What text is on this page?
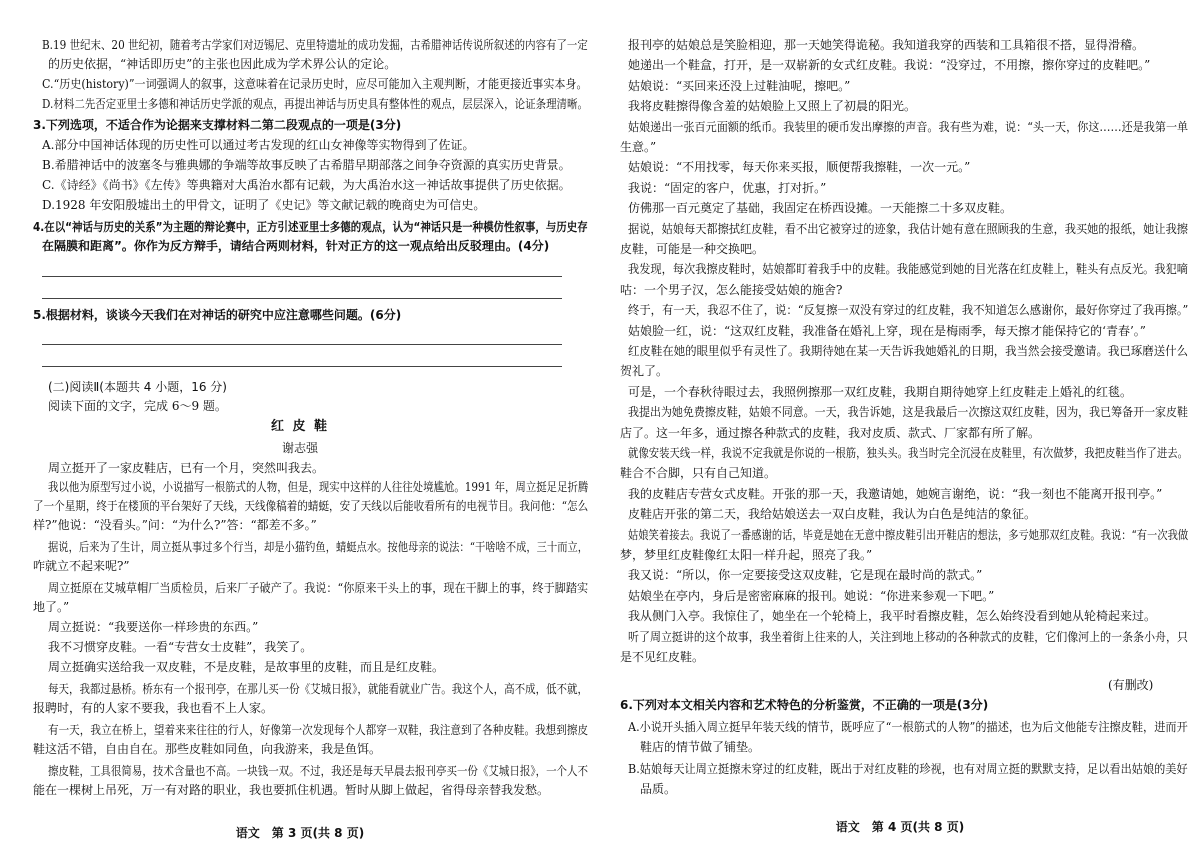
B.19 世纪末、20 世纪初，随着考古学家们对迈锡尼、克里特遗址的成功发掘，古希腊神话传说所叙述的内容有了一定
的历史依据，“神话即历史”的主张也因此成为学术界公认的定论。
C.“历史(history)”一词强调人的叙事，这意味着在记录历史时，应尽可能加入主观判断，才能更接近事实本身。
D.材料二先否定亚里士多德和神话历史学派的观点，再提出神话与历史具有整体性的观点，层层深入，论证条理清晰。
3.下列选项，不适合作为论据来支撑材料二第二段观点的一项是(3分)
A.部分中国神话体现的历史性可以通过考古发现的红山女神像等实物得到了佐证。
B.希腊神话中的波塞冬与雅典娜的争端等故事反映了古希腊早期部落之间争夺资源的真实历史背景。
C.《诗经》《尚书》《左传》等典籍对大禹治水都有记载，为大禹治水这一神话故事提供了历史依据。
D.1928 年安阳殷墟出土的甲骨文，证明了《史记》等文献记载的晚商史为可信史。
4.在以“神话与历史的关系”为主题的辩论赛中，正方引述亚里士多德的观点，认为“神话只是一种模仿性叙事，与历史存
在隔膜和距离”。你作为反方辩手，请结合两则材料，针对正方的这一观点给出反驳理由。(4分)
5.根据材料，谈谈今天我们在对神话的研究中应注意哪些问题。(6分)
(二)阅读Ⅱ(本题共 4 小题，16 分)
阅读下面的文字，完成 6～9 题。
红 皮 鞋
谢志强
周立挺开了一家皮鞋店，已有一个月，突然叫我去。
我以他为原型写过小说，小说描写一根筋式的人物，但是，现实中这样的人往往处境尴尬。1991 年，周立挺足足折腾
了一个星期，终于在楼顶的平台架好了天线，天线像稿着的蜻蜓，安了天线以后能收看所有的电视节目。我问他：“怎么
样?”他说：“没看头。”问：“为什么?”答：“都差不多。”
据说，后来为了生计，周立挺从事过多个行当，却是小猫钓鱼，蜻蜓点水。按他母亲的说法：“干啥啥不成，三十而立，
咋就立不起来呢?”
周立挺原在艾城草帽厂当质检员，后来厂子破产了。我说：“你原来干头上的事，现在干脚上的事，终于脚踏实
地了。”
周立挺说：“我要送你一样珍贵的东西。”
我不习惯穿皮鞋。一看“专营女士皮鞋”，我笑了。
周立挺确实送给我一双皮鞋，不是皮鞋，是故事里的皮鞋，而且是红皮鞋。
每天，我都过悬桥。桥东有一个报刊亭，在那儿买一份《艾城日报》，就能看就业广告。我这个人，高不成，低不就，
报聘时，有的人家不要我，我也看不上人家。
有一天，我立在桥上，望着来来往往的行人，好像第一次发现每个人都穿一双鞋，我注意到了各种皮鞋。我想到擦皮
鞋这活不错，自由自在。那些皮鞋如同鱼，向我游来，我是鱼饵。
擦皮鞋，工具很简易，技术含量也不高。一块钱一双。不过，我还是每天早晨去报刊亭买一份《艾城日报》，一个人不
能在一棵树上吊死，万一有对路的职业，我也要抓住机遇。暂时从脚上做起，省得母亲替我发愁。
语文　第 3 页(共 8 页)
报刊亭的姑娘总是笑脸相迎，那一天她笑得诡秘。我知道我穿的西装和工具箱很不搭，显得滑稽。
她递出一个鞋盒，打开，是一双崭新的女式红皮鞋。我说：“没穿过，不用擦，擦你穿过的皮鞋吧。”
姑娘说：“买回来还没上过鞋油呢，擦吧。”
我将皮鞋擦得像含羞的姑娘脸上又照上了初晨的阳光。
姑娘递出一张百元面额的纸币。我装里的硬币发出摩擦的声音。我有些为难，说：“头一天，你这……还是我第一单
生意。”
姑娘说：“不用找零，每天你来买报，顺便帮我擦鞋，一次一元。”
我说：“固定的客户，优惠，打对折。”
仿佛那一百元奠定了基础，我固定在桥西设摊。一天能擦二十多双皮鞋。
据说，姑娘每天都擦拭红皮鞋，看不出它被穿过的迹象，我估计她有意在照顾我的生意，我买她的报纸，她让我擦
皮鞋，可能是一种交换吧。
我发现，每次我擦皮鞋时，姑娘都盯着我手中的皮鞋。我能感觉到她的目光落在红皮鞋上，鞋头有点反光。我犯嘀
咕：一个男子汉，怎么能接受姑娘的施舍?
终于，有一天，我忍不住了，说：“反复擦一双没有穿过的红皮鞋，我不知道怎么感谢你，最好你穿过了我再擦。”
姑娘脸一红，说：“这双红皮鞋，我准备在婚礼上穿，现在是梅雨季，每天擦才能保持它的‘青春’。”
红皮鞋在她的眼里似乎有灵性了。我期待她在某一天告诉我她婚礼的日期，我当然会接受邀请。我已琢磨送什么
贺礼了。
可是，一个春秋待眼过去，我照例擦那一双红皮鞋，我期自期待她穿上红皮鞋走上婚礼的红毯。
我提出为她免费擦皮鞋，姑娘不同意。一天，我告诉她，这是我最后一次擦这双红皮鞋，因为，我已筹备开一家皮鞋
店了。这一年多，通过擦各种款式的皮鞋，我对皮质、款式、厂家都有所了解。
就像安装天线一样，我说不定我就是你说的一根筋，独头头。我当时完全沉浸在皮鞋里，有次做梦，我把皮鞋当作了进去。
鞋合不合脚，只有自己知道。
我的皮鞋店专营女式皮鞋。开张的那一天，我邀请她，她婉言谢绝，说：“我一刻也不能离开报刊亭。”
皮鞋店开张的第二天，我给姑娘送去一双白皮鞋，我认为白色是纯洁的象征。
姑娘笑着接去。我说了一番感谢的话，毕竟是她在无意中擦皮鞋引出开鞋店的想法，多亏她那双红皮鞋。我说：“有一次我做
梦，梦里红皮鞋像红太阳一样升起，照亮了我。”
我又说：“所以，你一定要接受这双皮鞋，它是现在最时尚的款式。”
姑娘坐在亭内，身后是密密麻麻的报刊。她说：“你进来参观一下吧。”
我从侧门入亭。我惊住了，她坐在一个轮椅上，我平时看擦皮鞋，怎么始终没看到她从轮椅起来过。
听了周立挺讲的这个故事，我坐着街上往来的人，关注到地上移动的各种款式的皮鞋，它们像河上的一条条小舟，只
是不见红皮鞋。
(有删改)
6.下列对本文相关内容和艺术特色的分析鉴赏，不正确的一项是(3分)
A.小说开头插入周立挺早年装天线的情节，既呼应了“一根筋式的人物”的描述，也为后文他能专注擦皮鞋，进而开
鞋店的情节做了铺垫。
B.姑娘每天让周立挺擦未穿过的红皮鞋，既出于对红皮鞋的珍视，也有对周立挺的默默支持，足以看出姑娘的美好
品质。
语文　第 4 页(共 8 页)
